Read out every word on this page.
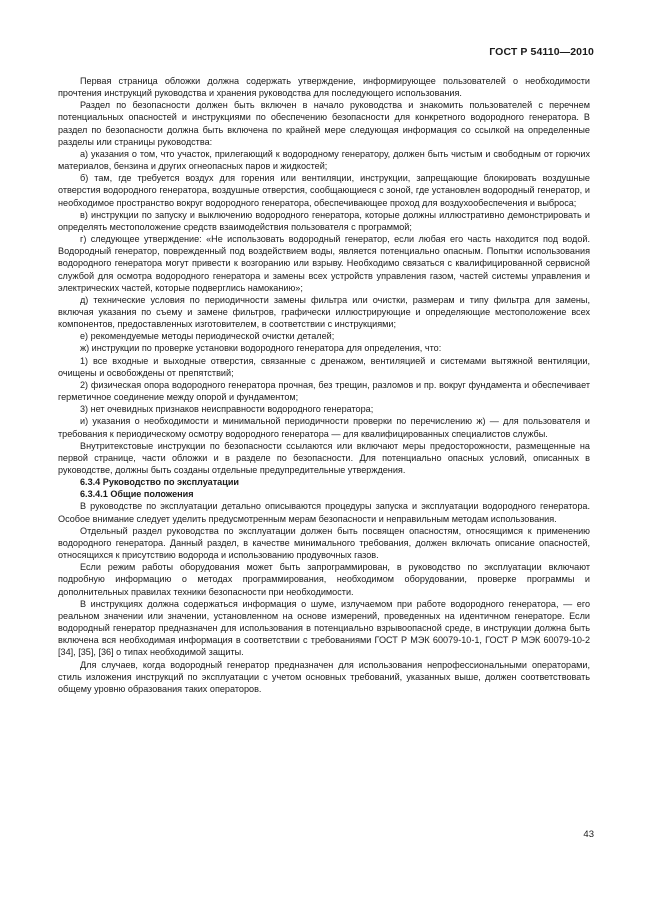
ГОСТ Р 54110—2010

Первая страница обложки должна содержать утверждение, информирующее пользователей о необходимости прочтения инструкций руководства и хранения руководства для последующего использования.

Раздел по безопасности должен быть включен в начало руководства и знакомить пользователей с перечнем потенциальных опасностей и инструкциями по обеспечению безопасности для конкретного водородного генератора. В раздел по безопасности должна быть включена по крайней мере следующая информация со ссылкой на определенные разделы или страницы руководства:

а) указания о том, что участок, прилегающий к водородному генератору, должен быть чистым и свободным от горючих материалов, бензина и других огнеопасных паров и жидкостей;

б) там, где требуется воздух для горения или вентиляции, инструкции, запрещающие блокировать воздушные отверстия водородного генератора, воздушные отверстия, сообщающиеся с зоной, где установлен водородный генератор, и необходимое пространство вокруг водородного генератора, обеспечивающее проход для воздухообеспечения и выброса;

в) инструкции по запуску и выключению водородного генератора, которые должны иллюстративно демонстрировать и определять местоположение средств взаимодействия пользователя с программой;

г) следующее утверждение: «Не использовать водородный генератор, если любая его часть находится под водой. Водородный генератор, поврежденный под воздействием воды, является потенциально опасным. Попытки использования водородного генератора могут привести к возгоранию или взрыву. Необходимо связаться с квалифицированной сервисной службой для осмотра водородного генератора и замены всех устройств управления газом, частей системы управления и электрических частей, которые подверглись намоканию»;

д) технические условия по периодичности замены фильтра или очистки, размерам и типу фильтра для замены, включая указания по съему и замене фильтров, графически иллюстрирующие и определяющие местоположение всех компонентов, предоставленных изготовителем, в соответствии с инструкциями;

е) рекомендуемые методы периодической очистки деталей;

ж) инструкции по проверке установки водородного генератора для определения, что:

1) все входные и выходные отверстия, связанные с дренажом, вентиляцией и системами вытяжной вентиляции, очищены и освобождены от препятствий;

2) физическая опора водородного генератора прочная, без трещин, разломов и пр. вокруг фундамента и обеспечивает герметичное соединение между опорой и фундаментом;

3) нет очевидных признаков неисправности водородного генератора;

и) указания о необходимости и минимальной периодичности проверки по перечислению ж) — для пользователя и требования к периодическому осмотру водородного генератора — для квалифицированных специалистов службы.

Внутритекстовые инструкции по безопасности ссылаются или включают меры предосторожности, размещенные на первой странице, части обложки и в разделе по безопасности. Для потенциально опасных условий, описанных в руководстве, должны быть созданы отдельные предупредительные утверждения.

6.3.4 Руководство по эксплуатации
6.3.4.1 Общие положения

В руководстве по эксплуатации детально описываются процедуры запуска и эксплуатации водородного генератора. Особое внимание следует уделить предусмотренным мерам безопасности и неправильным методам использования.

Отдельный раздел руководства по эксплуатации должен быть посвящен опасностям, относящимся к применению водородного генератора. Данный раздел, в качестве минимального требования, должен включать описание опасностей, относящихся к присутствию водорода и использованию продувочных газов.

Если режим работы оборудования может быть запрограммирован, в руководство по эксплуатации включают подробную информацию о методах программирования, необходимом оборудовании, проверке программы и дополнительных правилах техники безопасности при необходимости.

В инструкциях должна содержаться информация о шуме, излучаемом при работе водородного генератора, — его реальном значении или значении, установленном на основе измерений, проведенных на идентичном генераторе. Если водородный генератор предназначен для использования в потенциально взрывоопасной среде, в инструкции должна быть включена вся необходимая информация в соответствии с требованиями ГОСТ Р МЭК 60079-10-1, ГОСТ Р МЭК 60079-10-2 [34], [35], [36] о типах необходимой защиты.

Для случаев, когда водородный генератор предназначен для использования непрофессиональными операторами, стиль изложения инструкций по эксплуатации с учетом основных требований, указанных выше, должен соответствовать общему уровню образования таких операторов.

43
